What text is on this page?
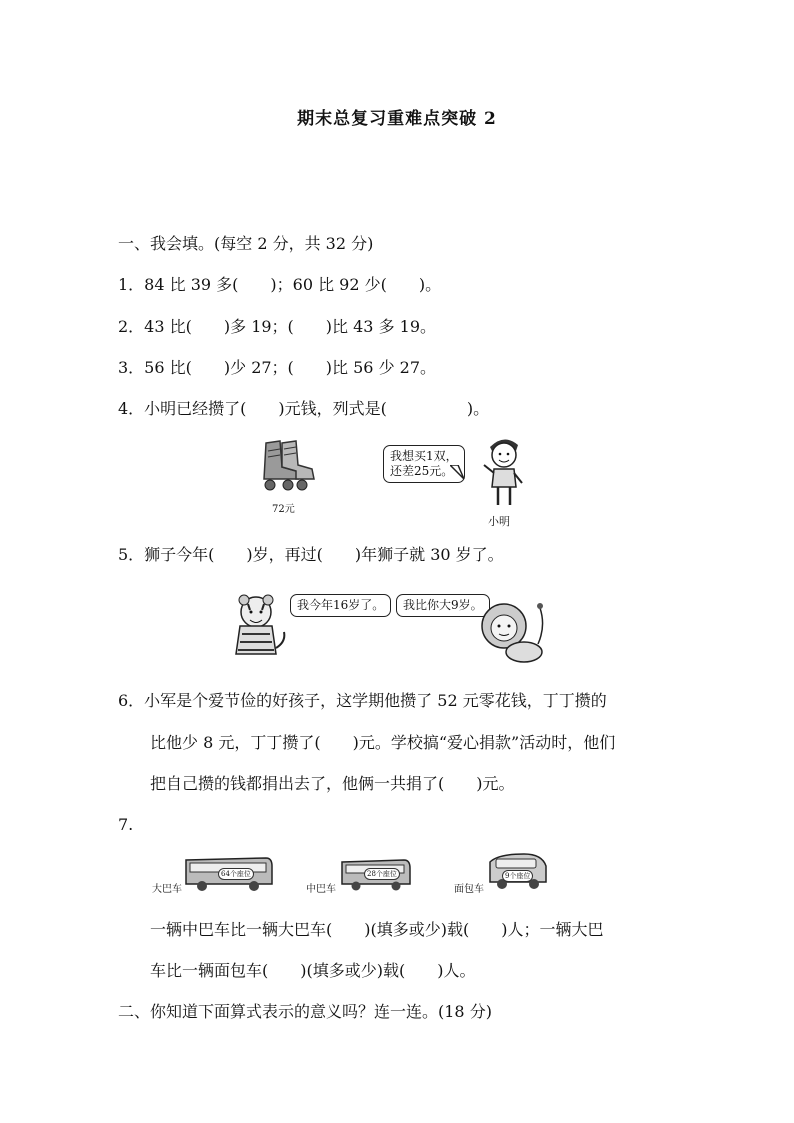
期末总复习重难点突破 2
一、我会填。(每空 2 分，共 32 分)
1．84 比 39 多(　　)；60 比 92 少(　　)。
2．43 比(　　)多 19；(　　)比 43 多 19。
3．56 比(　　)少 27；(　　)比 56 少 27。
4．小明已经攒了(　　)元钱，列式是(　　　　　)。
72元
我想买1双，
还差25元。
小明
5．狮子今年(　　)岁，再过(　　)年狮子就 30 岁了。
我今年16岁了。	我比你大9岁。
6．小军是个爱节俭的好孩子，这学期他攒了 52 元零花钱，丁丁攒的
比他少 8 元，丁丁攒了(　　)元。学校搞“爱心捐款”活动时，他们
把自己攒的钱都捐出去了，他俩一共捐了(　　)元。
7.
大巴车
64个座位
中巴车
28个座位
面包车
9个座位
一辆中巴车比一辆大巴车(　　)(填多或少)载(　　)人；一辆大巴
车比一辆面包车(　　)(填多或少)载(　　)人。
二、你知道下面算式表示的意义吗？连一连。(18 分)
